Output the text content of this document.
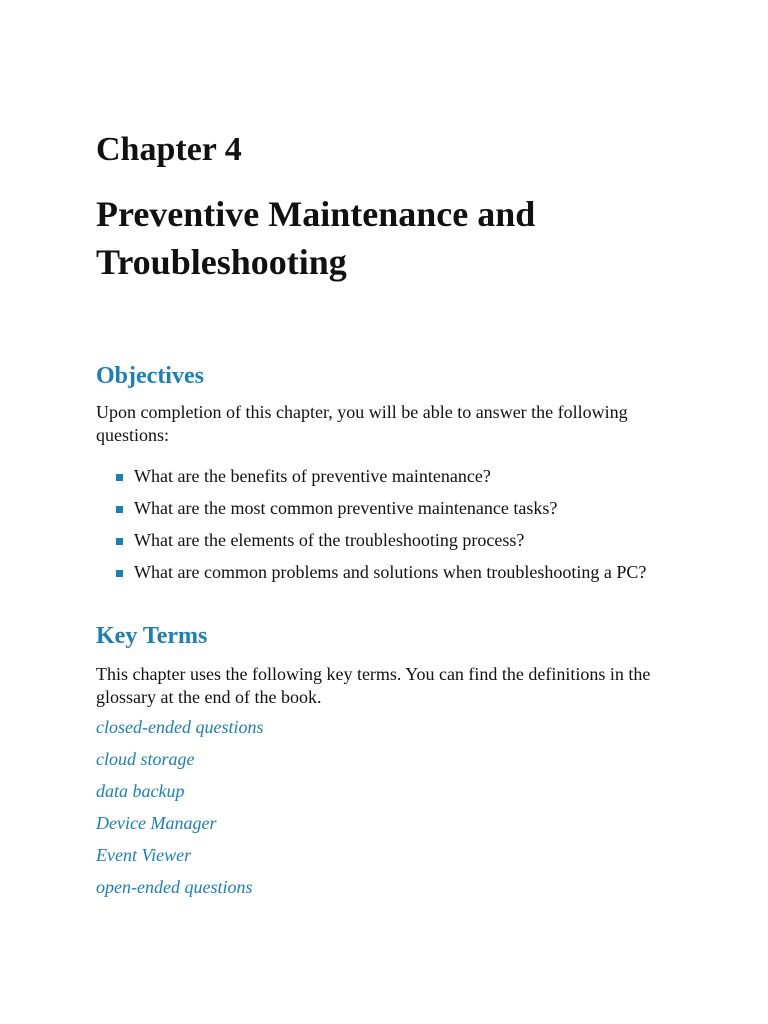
Chapter 4
Preventive Maintenance and Troubleshooting
Objectives

Upon completion of this chapter, you will be able to answer the following questions:

What are the benefits of preventive maintenance?
What are the most common preventive maintenance tasks?
What are the elements of the troubleshooting process?
What are common problems and solutions when troubleshooting a PC?
Key Terms

This chapter uses the following key terms. You can find the definitions in the glossary at the end of the book.

closed-ended questions
cloud storage
data backup
Device Manager
Event Viewer
open-ended questions
